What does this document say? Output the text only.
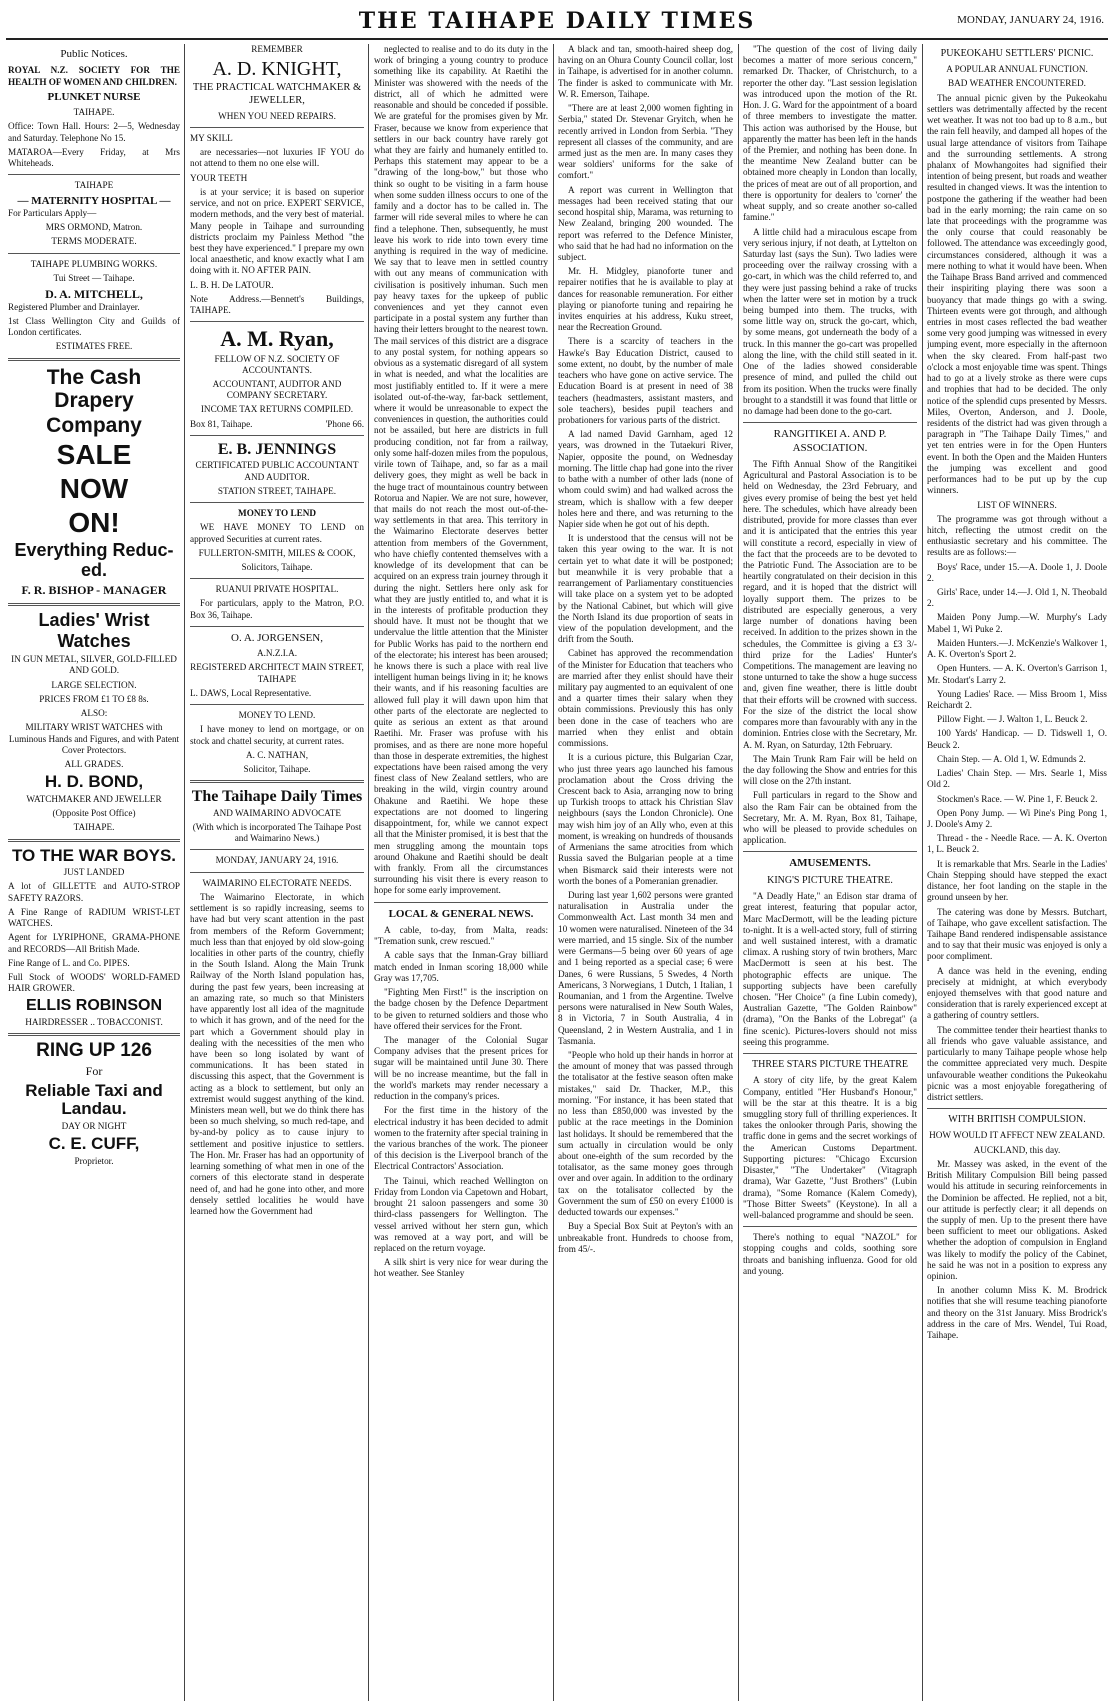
THE TAIHAPE DAILY TIMES	MONDAY, JANUARY 24, 1916.
Public Notices.

ROYAL N.Z. SOCIETY FOR THE HEALTH OF WOMEN AND CHILDREN.

PLUNKET NURSE

TAIHAPE.

Office: Town Hall. Hours: 2—5, Wednesday and Saturday. Telephone No 15.

MATAROA—Every Friday, at Mrs Whiteheads.

TAIHAPE

— MATERNITY HOSPITAL —

For Particulars Apply—

MRS ORMOND, Matron.

TERMS MODERATE.

TAIHAPE PLUMBING WORKS.

Tui Street — Taihape.

D. A. MITCHELL,

Registered Plumber and Drainlayer.

1st Class Wellington City and Guilds of London certificates.

ESTIMATES FREE.

The Cash Drapery
Company
SALE
NOW
ON!
Everything Reduc-ed.
F. R. BISHOP - MANAGER
Ladies' Wrist
Watches

IN GUN METAL, SILVER, GOLD-FILLED AND GOLD.

LARGE SELECTION.

PRICES FROM £1 TO £8 8s.

ALSO:

MILITARY WRIST WATCHES with Luminous Hands and Figures, and with Patent Cover Protectors.

ALL GRADES.

H. D. BOND,

WATCHMAKER AND JEWELLER

(Opposite Post Office)

TAIHAPE.

TO THE WAR BOYS.

JUST LANDED

A lot of GILLETTE and AUTO-STROP SAFETY RAZORS.

A Fine Range of RADIUM WRIST-LET WATCHES.

Agent for LYRIPHONE, GRAMA-PHONE and RECORDS—All British Made.

Fine Range of L. and Co. PIPES.

Full Stock of WOODS' WORLD-FAMED HAIR GROWER.

ELLIS ROBINSON

HAIRDRESSER .. TOBACCONIST.

RING UP 126

For

Reliable Taxi and Landau.

DAY OR NIGHT

C. E. CUFF,

Proprietor.

REMEMBER

A. D. KNIGHT,

THE PRACTICAL WATCHMAKER & JEWELLER,

WHEN YOU NEED REPAIRS.

MY SKILL

are necessaries—not luxuries IF YOU do not attend to them no one else will.

YOUR TEETH

is at your service; it is based on superior service, and not on price. EXPERT SERVICE, modern methods, and the very best of material. Many people in Taihape and surrounding districts proclaim my Painless Method "the best they have experienced." I prepare my own local anaesthetic, and know exactly what I am doing with it. NO AFTER PAIN.

L. B. H. De LATOUR.

Note Address.—Bennett's Buildings, TAIHAPE.

A. M. Ryan,

FELLOW OF N.Z. SOCIETY OF ACCOUNTANTS.

ACCOUNTANT, AUDITOR AND COMPANY SECRETARY.

INCOME TAX RETURNS COMPILED.

Box 81, Taihape.	'Phone 66.

E. B. JENNINGS

CERTIFICATED PUBLIC ACCOUNTANT AND AUDITOR.

STATION STREET, TAIHAPE.

MONEY TO LEND

WE HAVE MONEY TO LEND on approved Securities at current rates.

FULLERTON-SMITH, MILES & COOK,

Solicitors, Taihape.

RUANUI PRIVATE HOSPITAL.

For particulars, apply to the Matron, P.O. Box 36, Taihape.

O. A. JORGENSEN,

A.N.Z.I.A.

REGISTERED ARCHITECT MAIN STREET, TAIHAPE

L. DAWS, Local Representative.

MONEY TO LEND.

I have money to lend on mortgage, or on stock and chattel security, at current rates.

A. C. NATHAN,

Solicitor, Taihape.

The Taihape Daily Times

AND WAIMARINO ADVOCATE

(With which is incorporated The Taihape Post and Waimarino News.)

MONDAY, JANUARY 24, 1916.

WAIMARINO ELECTORATE NEEDS.

The Waimarino Electorate, in which settlement is so rapidly increasing, seems to have had but very scant attention in the past from members of the Reform Government; much less than that enjoyed by old slow-going localities in other parts of the country, chiefly in the South Island. Along the Main Trunk Railway of the North Island population has, during the past few years, been increasing at an amazing rate, so much so that Ministers have apparently lost all idea of the magnitude to which it has grown, and of the need for the part which a Government should play in dealing with the necessities of the men who have been so long isolated by want of communications. It has been stated in discussing this aspect, that the Government is acting as a block to settlement, but only an extremist would suggest anything of the kind. Ministers mean well, but we do think there has been so much shelving, so much red-tape, and by-and-by policy as to cause injury to settlement and positive injustice to settlers. The Hon. Mr. Fraser has had an opportunity of learning something of what men in one of the corners of this electorate stand in desperate need of, and had he gone into other, and more densely settled localities he would have learned how the Government had

neglected to realise and to do its duty in the work of bringing a young country to produce something like its capability. At Raetihi the Minister was showered with the needs of the district, all of which he admitted were reasonable and should be conceded if possible. We are grateful for the promises given by Mr. Fraser, because we know from experience that settlers in our back country have rarely got what they are fairly and humanely entitled to. Perhaps this statement may appear to be a "drawing of the long-bow," but those who think so ought to be visiting in a farm house when some sudden illness occurs to one of the family and a doctor has to be called in. The farmer will ride several miles to where he can find a telephone. Then, subsequently, he must leave his work to ride into town every time anything is required in the way of medicine. We say that to leave men in settled country with out any means of communication with civilisation is positively inhuman. Such men pay heavy taxes for the upkeep of public conveniences and yet they cannot even participate in a postal system any further than having their letters brought to the nearest town. The mail services of this district are a disgrace to any postal system, for nothing appears so obvious as a systematic disregard of all system in what is needed, and what the localities are most justifiably entitled to. If it were a mere isolated out-of-the-way, far-back settlement, where it would be unreasonable to expect the conveniences in question, the authorities could not be assailed, but here are districts in full producing condition, not far from a railway, only some half-dozen miles from the populous, virile town of Taihape, and, so far as a mail delivery goes, they might as well be back in the huge tract of mountainous country between Rotorua and Napier. We are not sure, however, that mails do not reach the most out-of-the-way settlements in that area. This territory in the Waimarino Electorate deserves better attention from members of the Government, who have chiefly contented themselves with a knowledge of its development that can be acquired on an express train journey through it during the night. Settlers here only ask for what they are justly entitled to, and what it is in the interests of profitable production they should have. It must not be thought that we undervalue the little attention that the Minister for Public Works has paid to the northern end of the electorate; his interest has been aroused; he knows there is such a place with real live intelligent human beings living in it; he knows their wants, and if his reasoning faculties are allowed full play it will dawn upon him that other parts of the electorate are neglected to quite as serious an extent as that around Raetihi. Mr. Fraser was profuse with his promises, and as there are none more hopeful than those in desperate extremities, the highest expectations have been raised among the very finest class of New Zealand settlers, who are breaking in the wild, virgin country around Ohakune and Raetihi. We hope these expectations are not doomed to lingering disappointment, for, while we cannot expect all that the Minister promised, it is best that the men struggling among the mountain tops around Ohakune and Raetihi should be dealt with frankly. From all the circumstances surrounding his visit there is every reason to hope for some early improvement.

LOCAL & GENERAL NEWS.

A cable, to-day, from Malta, reads: "Tremation sunk, crew rescued."

A cable says that the Inman-Gray billiard match ended in Inman scoring 18,000 while Gray was 17,705.

"Fighting Men First!" is the inscription on the badge chosen by the Defence Department to be given to returned soldiers and those who have offered their services for the Front.

The manager of the Colonial Sugar Company advises that the present prices for sugar will be maintained until June 30. There will be no increase meantime, but the fall in the world's markets may render necessary a reduction in the company's prices.

For the first time in the history of the electrical industry it has been decided to admit women to the fraternity after special training in the various branches of the work. The pioneer of this decision is the Liverpool branch of the Electrical Contractors' Association.

The Tainui, which reached Wellington on Friday from London via Capetown and Hobart, brought 21 saloon passengers and some 30 third-class passengers for Wellington. The vessel arrived without her stern gun, which was removed at a way port, and will be replaced on the return voyage.

A silk shirt is very nice for wear during the hot weather. See Stanley

A black and tan, smooth-haired sheep dog, having on an Ohura County Council collar, lost in Taihape, is advertised for in another column. The finder is asked to communicate with Mr. W. R. Emerson, Taihape.

"There are at least 2,000 women fighting in Serbia," stated Dr. Stevenar Gryitch, when he recently arrived in London from Serbia. "They represent all classes of the community, and are armed just as the men are. In many cases they wear soldiers' uniforms for the sake of comfort."

A report was current in Wellington that messages had been received stating that our second hospital ship, Marama, was returning to New Zealand, bringing 200 wounded. The report was referred to the Defence Minister, who said that he had had no information on the subject.

Mr. H. Midgley, pianoforte tuner and repairer notifies that he is available to play at dances for reasonable remuneration. For either playing or pianoforte tuning and repairing he invites enquiries at his address, Kuku street, near the Recreation Ground.

There is a scarcity of teachers in the Hawke's Bay Education District, caused to some extent, no doubt, by the number of male teachers who have gone on active service. The Education Board is at present in need of 38 teachers (headmasters, assistant masters, and sole teachers), besides pupil teachers and probationers for various parts of the district.

A lad named David Garnham, aged 12 years, was drowned in the Tutaekuri River, Napier, opposite the pound, on Wednesday morning. The little chap had gone into the river to bathe with a number of other lads (none of whom could swim) and had walked across the stream, which is shallow with a few deeper holes here and there, and was returning to the Napier side when he got out of his depth.

It is understood that the census will not be taken this year owing to the war. It is not certain yet to what date it will be postponed; but meanwhile it is very probable that a rearrangement of Parliamentary constituencies will take place on a system yet to be adopted by the National Cabinet, but which will give the North Island its due proportion of seats in view of the population development, and the drift from the South.

Cabinet has approved the recommendation of the Minister for Education that teachers who are married after they enlist should have their military pay augmented to an equivalent of one and a quarter times their salary when they obtain commissions. Previously this has only been done in the case of teachers who are married when they enlist and obtain commissions.

It is a curious picture, this Bulgarian Czar, who just three years ago launched his famous proclamation about the Cross driving the Crescent back to Asia, arranging now to bring up Turkish troops to attack his Christian Slav neighbours (says the London Chronicle). One may wish him joy of an Ally who, even at this moment, is wreaking on hundreds of thousands of Armenians the same atrocities from which Russia saved the Bulgarian people at a time when Bismarck said their interests were not worth the bones of a Pomeranian grenadier.

During last year 1,602 persons were granted naturalisation in Australia under the Commonwealth Act. Last month 34 men and 10 women were naturalised. Nineteen of the 34 were married, and 15 single. Six of the number were Germans—5 being over 60 years of age and 1 being reported as a special case; 6 were Danes, 6 were Russians, 5 Swedes, 4 North Americans, 3 Norwegians, 1 Dutch, 1 Italian, 1 Roumanian, and 1 from the Argentine. Twelve persons were naturalised in New South Wales, 8 in Victoria, 7 in South Australia, 4 in Queensland, 2 in Western Australia, and 1 in Tasmania.

"People who hold up their hands in horror at the amount of money that was passed through the totalisator at the festive season often make mistakes," said Dr. Thacker, M.P., this morning. "For instance, it has been stated that no less than £850,000 was invested by the public at the race meetings in the Dominion last holidays. It should be remembered that the sum actually in circulation would be only about one-eighth of the sum recorded by the totalisator, as the same money goes through over and over again. In addition to the ordinary tax on the totalisator collected by the Government the sum of £50 on every £1000 is deducted towards our expenses."

Buy a Special Box Suit at Peyton's with an unbreakable front. Hundreds to choose from, from 45/-.

"The question of the cost of living daily becomes a matter of more serious concern," remarked Dr. Thacker, of Christchurch, to a reporter the other day. "Last session legislation was introduced upon the motion of the Rt. Hon. J. G. Ward for the appointment of a board of three members to investigate the matter. This action was authorised by the House, but apparently the matter has been left in the hands of the Premier, and nothing has been done. In the meantime New Zealand butter can be obtained more cheaply in London than locally, the prices of meat are out of all proportion, and there is opportunity for dealers to 'corner' the wheat supply, and so create another so-called famine."

A little child had a miraculous escape from very serious injury, if not death, at Lyttelton on Saturday last (says the Sun). Two ladies were proceeding over the railway crossing with a go-cart, in which was the child referred to, and they were just passing behind a rake of trucks when the latter were set in motion by a truck being bumped into them. The trucks, with some little way on, struck the go-cart, which, by some means, got underneath the body of a truck. In this manner the go-cart was propelled along the line, with the child still seated in it. One of the ladies showed considerable presence of mind, and pulled the child out from its position. When the trucks were finally brought to a standstill it was found that little or no damage had been done to the go-cart.

RANGITIKEI A. AND P. ASSOCIATION.

The Fifth Annual Show of the Rangitikei Agricultural and Pastoral Association is to be held on Wednesday, the 23rd February, and gives every promise of being the best yet held here. The schedules, which have already been distributed, provide for more classes than ever and it is anticipated that the entries this year will constitute a record, especially in view of the fact that the proceeds are to be devoted to the Patriotic Fund. The Association are to be heartily congratulated on their decision in this regard, and it is hoped that the district will loyally support them. The prizes to be distributed are especially generous, a very large number of donations having been received. In addition to the prizes shown in the schedules, the Committee is giving a £3 3/- third prize for the Ladies' Hunter's Competitions. The management are leaving no stone unturned to take the show a huge success and, given fine weather, there is little doubt that their efforts will be crowned with success. For the size of the district the local show compares more than favourably with any in the dominion. Entries close with the Secretary, Mr. A. M. Ryan, on Saturday, 12th February.

The Main Trunk Ram Fair will be held on the day following the Show and entries for this will close on the 27th instant.

Full particulars in regard to the Show and also the Ram Fair can be obtained from the Secretary, Mr. A. M. Ryan, Box 81, Taihape, who will be pleased to provide schedules on application.

AMUSEMENTS.
KING'S PICTURE THEATRE.

"A Deadly Hate," an Edison star drama of great interest, featuring that popular actor, Marc MacDermott, will be the leading picture to-night. It is a well-acted story, full of stirring and well sustained interest, with a dramatic climax. A rushing story of twin brothers, Marc MacDermott is seen at his best. The photographic effects are unique. The supporting subjects have been carefully chosen. "Her Choice" (a fine Lubin comedy), Australian Gazette, "The Golden Rainbow" (drama), "On the Banks of the Lobregat" (a fine scenic). Pictures-lovers should not miss seeing this programme.

THREE STARS PICTURE THEATRE

A story of city life, by the great Kalem Company, entitled "Her Husband's Honour," will be the star at this theatre. It is a big smuggling story full of thrilling experiences. It takes the onlooker through Paris, showing the traffic done in gems and the secret workings of the American Customs Department. Supporting pictures: "Chicago Excursion Disaster," "The Undertaker" (Vitagraph drama), War Gazette, "Just Brothers" (Lubin drama), "Some Romance (Kalem Comedy), "Those Bitter Sweets" (Keystone). In all a well-balanced programme and should be seen.

There's nothing to equal "NAZOL" for stopping coughs and colds, soothing sore throats and banishing influenza. Good for old and young.

PUKEOKAHU SETTLERS' PICNIC.

A POPULAR ANNUAL FUNCTION.

BAD WEATHER ENCOUNTERED.

The annual picnic given by the Pukeokahu settlers was detrimentally affected by the recent wet weather. It was not too bad up to 8 a.m., but the rain fell heavily, and damped all hopes of the usual large attendance of visitors from Taihape and the surrounding settlements. A strong phalanx of Mowhangoites had signified their intention of being present, but roads and weather resulted in changed views. It was the intention to postpone the gathering if the weather had been bad in the early morning; the rain came on so late that proceedings with the programme was the only course that could reasonably be followed. The attendance was exceedingly good, circumstances considered, although it was a mere nothing to what it would have been. When the Taihape Brass Band arrived and commenced their inspiriting playing there was soon a buoyancy that made things go with a swing. Thirteen events were got through, and although entries in most cases reflected the bad weather some very good jumping was witnessed in every jumping event, more especially in the afternoon when the sky cleared. From half-past two o'clock a most enjoyable time was spent. Things had to go at a lively stroke as there were cups and trophies that had to be decided. The only notice of the splendid cups presented by Messrs. Miles, Overton, Anderson, and J. Doole, residents of the district had was given through a paragraph in "The Taihape Daily Times," and yet ten entries were in for the Open Hunters event. In both the Open and the Maiden Hunters the jumping was excellent and good performances had to be put up by the cup winners.

LIST OF WINNERS.

The programme was got through without a hitch, reflecting the utmost credit on the enthusiastic secretary and his committee. The results are as follows:—

Boys' Race, under 15.—A. Doole 1, J. Doole 2.

Girls' Race, under 14.—J. Old 1, N. Theobald 2.

Maiden Pony Jump.—W. Murphy's Lady Mabel 1, Wi Puke 2.

Maiden Hunters.—J. McKenzie's Walkover 1, A. K. Overton's Sport 2.

Open Hunters. — A. K. Overton's Garrison 1, Mr. Stodart's Larry 2.

Young Ladies' Race. — Miss Broom 1, Miss Reichardt 2.

Pillow Fight. — J. Walton 1, L. Beuck 2.

100 Yards' Handicap. — D. Tidswell 1, O. Beuck 2.

Chain Step. — A. Old 1, W. Edmunds 2.

Ladies' Chain Step. — Mrs. Searle 1, Miss Old 2.

Stockmen's Race. — W. Pine 1, F. Beuck 2.

Open Pony Jump. — Wi Pine's Ping Pong 1, J. Doole's Amy 2.

Thread - the - Needle Race. — A. K. Overton 1, L. Beuck 2.

It is remarkable that Mrs. Searle in the Ladies' Chain Stepping should have stepped the exact distance, her foot landing on the staple in the ground unseen by her.

The catering was done by Messrs. Butchart, of Taihape, who gave excellent satisfaction. The Taihape Band rendered indispensable assistance and to say that their music was enjoyed is only a poor compliment.

A dance was held in the evening, ending precisely at midnight, at which everybody enjoyed themselves with that good nature and consideration that is rarely experienced except at a gathering of country settlers.

The committee tender their heartiest thanks to all friends who gave valuable assistance, and particularly to many Taihape people whose help the committee appreciated very much. Despite unfavourable weather conditions the Pukeokahu picnic was a most enjoyable foregathering of district settlers.

WITH BRITISH COMPULSION.

HOW WOULD IT AFFECT NEW ZEALAND.

AUCKLAND, this day.

Mr. Massey was asked, in the event of the British Military Compulsion Bill being passed would his attitude in securing reinforcements in the Dominion be affected. He replied, not a bit, our attitude is perfectly clear; it all depends on the supply of men. Up to the present there have been sufficient to meet our obligations. Asked whether the adoption of compulsion in England was likely to modify the policy of the Cabinet, he said he was not in a position to express any opinion.

In another column Miss K. M. Brodrick notifies that she will resume teaching pianoforte and theory on the 31st January. Miss Brodrick's address in the care of Mrs. Wendel, Tui Road, Taihape.
